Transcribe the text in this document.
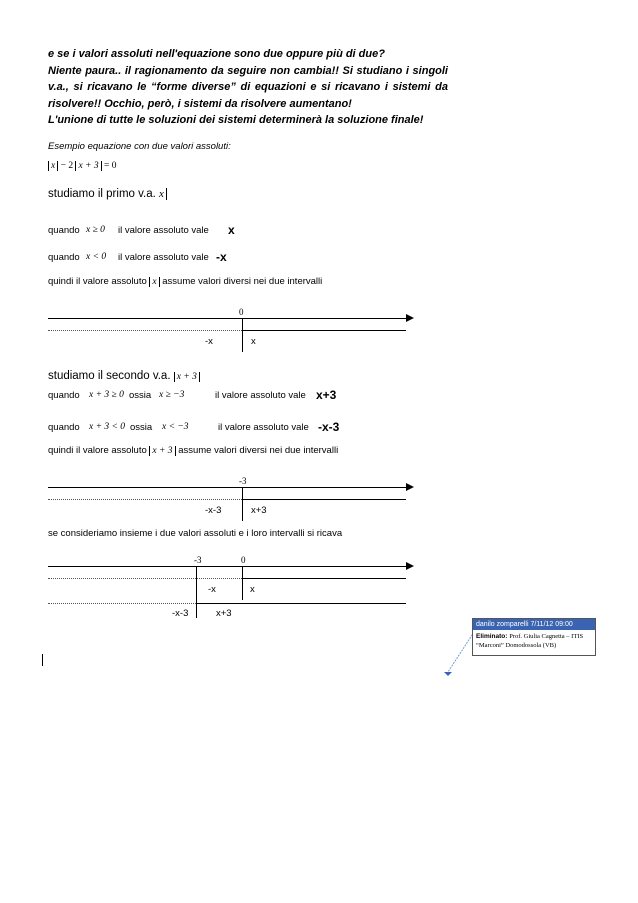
e se i valori assoluti nell'equazione sono due oppure più di due?

Niente paura.. il ragionamento da seguire non cambia!! Si studiano i singoli v.a., si ricavano le “forme diverse” di equazioni e si ricavano i sistemi da risolvere!! Occhio, però, i sistemi da risolvere aumentano!

L'unione di tutte le soluzioni dei sistemi determinerà la soluzione finale!

Esempio equazione con due valori assoluti:
x − 2 x + 3 = 0
studiamo il primo v.a. x
quando x ≥ 0 il valore assoluto vale x
quando x < 0 il valore assoluto vale -x
quindi il valore assoluto x assume valori diversi nei due intervalli
0
-x	x
studiamo il secondo v.a. x + 3
quando x + 3 ≥ 0 ossia x ≥ −3	il valore assoluto vale x+3
quando x + 3 < 0 ossia x < −3	il valore assoluto vale -x-3
quindi il valore assoluto x + 3 assume valori diversi nei due intervalli
-3
-x-3	x+3
se consideriamo insieme i due valori assoluti e i loro intervalli si ricava
-3	0
-x	x
-x-3	x+3
danilo zomparelli 7/11/12 09:00
Eliminato: Prof. Giulia Cagnetta – ITIS “Marconi” Domodossola (VB)
